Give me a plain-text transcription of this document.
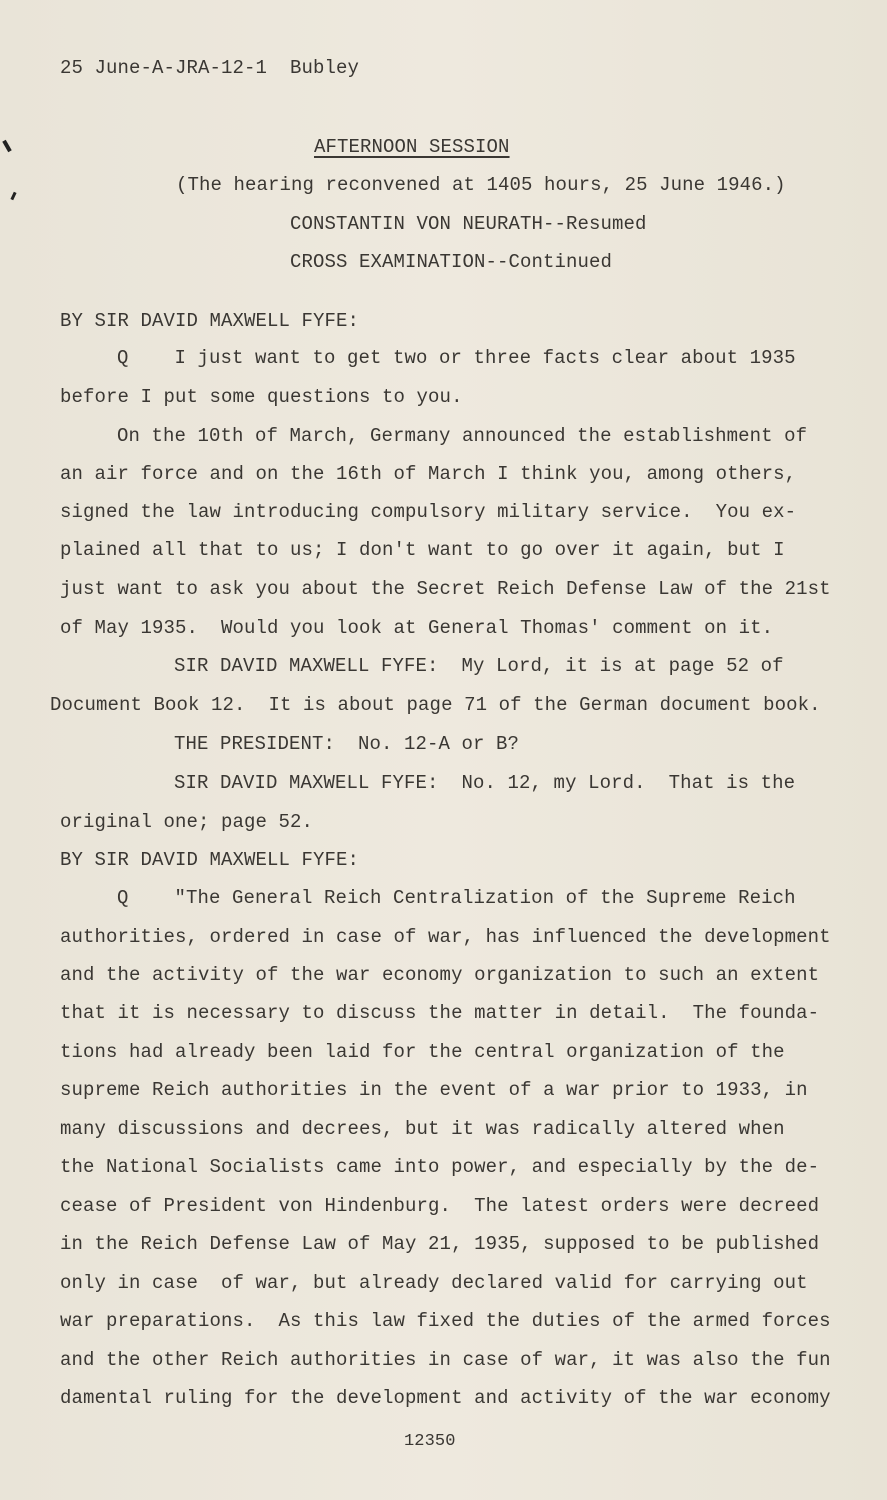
25 June-A-JRA-12-1  Bubley
AFTERNOON SESSION
(The hearing reconvened at 1405 hours, 25 June 1946.)
CONSTANTIN VON NEURATH--Resumed
CROSS EXAMINATION--Continued
BY SIR DAVID MAXWELL FYFE:
Q    I just want to get two or three facts clear about 1935
before I put some questions to you.
On the 10th of March, Germany announced the establishment of
an air force and on the 16th of March I think you, among others,
signed the law introducing compulsory military service.  You ex-
plained all that to us; I don't want to go over it again, but I
just want to ask you about the Secret Reich Defense Law of the 21st
of May 1935.  Would you look at General Thomas' comment on it.
SIR DAVID MAXWELL FYFE:  My Lord, it is at page 52 of
Document Book 12.  It is about page 71 of the German document book.
THE PRESIDENT:  No. 12-A or B?
SIR DAVID MAXWELL FYFE:  No. 12, my Lord.  That is the
original one; page 52.
BY SIR DAVID MAXWELL FYFE:
Q    "The General Reich Centralization of the Supreme Reich
authorities, ordered in case of war, has influenced the development
and the activity of the war economy organization to such an extent
that it is necessary to discuss the matter in detail.  The founda-
tions had already been laid for the central organization of the
supreme Reich authorities in the event of a war prior to 1933, in
many discussions and decrees, but it was radically altered when
the National Socialists came into power, and especially by the de-
cease of President von Hindenburg.  The latest orders were decreed
in the Reich Defense Law of May 21, 1935, supposed to be published
only in case  of war, but already declared valid for carrying out
war preparations.  As this law fixed the duties of the armed forces
and the other Reich authorities in case of war, it was also the fun
damental ruling for the development and activity of the war economy
12350
